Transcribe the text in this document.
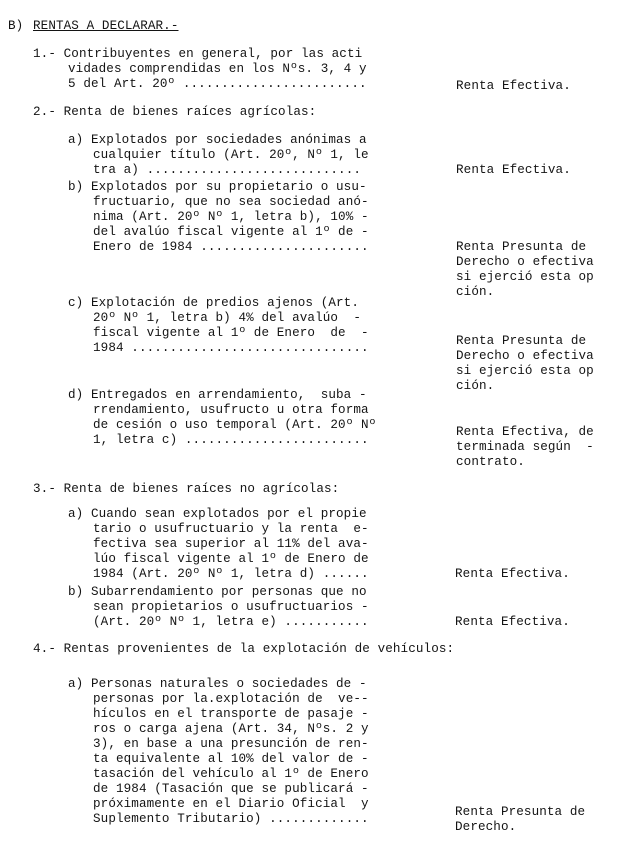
B) RENTAS A DECLARAR.-
1.- Contribuyentes en general, por las acti
vidades comprendidas en los Nºs. 3, 4 y
5 del Art. 20º ........................	Renta Efectiva.
2.- Renta de bienes raíces agrícolas:
a) Explotados por sociedades anónimas a
cualquier título (Art. 20º, Nº 1, le
tra a) ............................	Renta Efectiva.
b) Explotados por su propietario o usu-
fructuario, que no sea sociedad anó-
nima (Art. 20º Nº 1, letra b), 10% -
del avalúo fiscal vigente al 1º de -
Enero de 1984 ......................	Renta Presunta de
Derecho o efectiva
si ejerció esta op
ción.
c) Explotación de predios ajenos (Art.
20º Nº 1, letra b) 4% del avalúo  -
fiscal vigente al 1º de Enero  de  -
1984 ...............................	Renta Presunta de
Derecho o efectiva
si ejerció esta op
ción.
d) Entregados en arrendamiento,  suba -
rrendamiento, usufructo u otra forma
de cesión o uso temporal (Art. 20º Nº
1, letra c) ........................
Renta Efectiva, de
terminada según  -
contrato.
3.- Renta de bienes raíces no agrícolas:
a) Cuando sean explotados por el propie
tario o usufructuario y la renta  e-
fectiva sea superior al 11% del ava-
lúo fiscal vigente al 1º de Enero de
1984 (Art. 20º Nº 1, letra d) ......	Renta Efectiva.
b) Subarrendamiento por personas que no
sean propietarios o usufructuarios -
(Art. 20º Nº 1, letra e) ...........	Renta Efectiva.
4.- Rentas provenientes de la explotación de vehículos:
a) Personas naturales o sociedades de -
personas por la.explotación de  ve--
hículos en el transporte de pasaje -
ros o carga ajena (Art. 34, Nºs. 2 y
3), en base a una presunción de ren-
ta equivalente al 10% del valor de -
tasación del vehículo al 1º de Enero
de 1984 (Tasación que se publicará -
próximamente en el Diario Oficial  y
Suplemento Tributario) .............	Renta Presunta de
Derecho.
